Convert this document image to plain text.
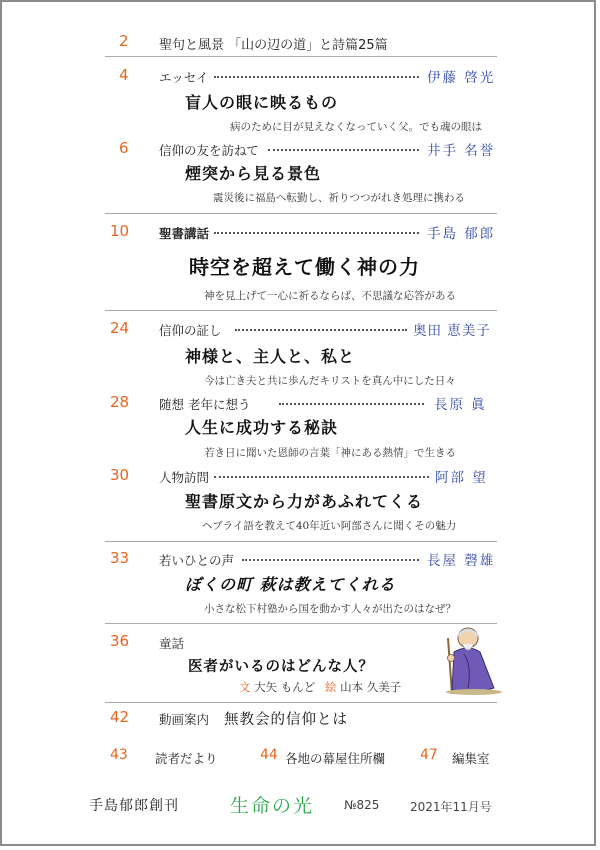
2 聖句と風景 「山の辺の道」と詩篇25篇
4 エッセイ	伊藤 啓光
盲人の眼に映るもの
病のために目が見えなくなっていく父。でも魂の眼は
6 信仰の友を訪ねて	井手 名誉
煙突から見る景色
震災後に福島へ転勤し、祈りつつがれき処理に携わる
10 聖書講話	手島 郁郎
時空を超えて働く神の力
神を見上げて一心に祈るならば、不思議な応答がある
24 信仰の証し	奥田 恵美子
神様と、主人と、私と
今は亡き夫と共に歩んだキリストを真ん中にした日々
28 随想 老年に想う	長原 眞
人生に成功する秘訣
若き日に聞いた恩師の言葉「神にある熱情」で生きる
30 人物訪問	阿部 望
聖書原文から力があふれてくる
ヘブライ語を教えて40年近い阿部さんに聞くその魅力
33 若いひとの声	長屋 磬雄
ぼくの町 萩は教えてくれる
小さな松下村塾から国を動かす人々が出たのはなぜ？
36 童話
医者がいるのはどんな人？
文 大矢 もんど 絵 山本 久美子
42 動画案内 無教会的信仰とは
43 読者だより	44 各地の幕屋住所欄 47 編集室
手島郁郎創刊	生命の光 №825	2021年11月号
